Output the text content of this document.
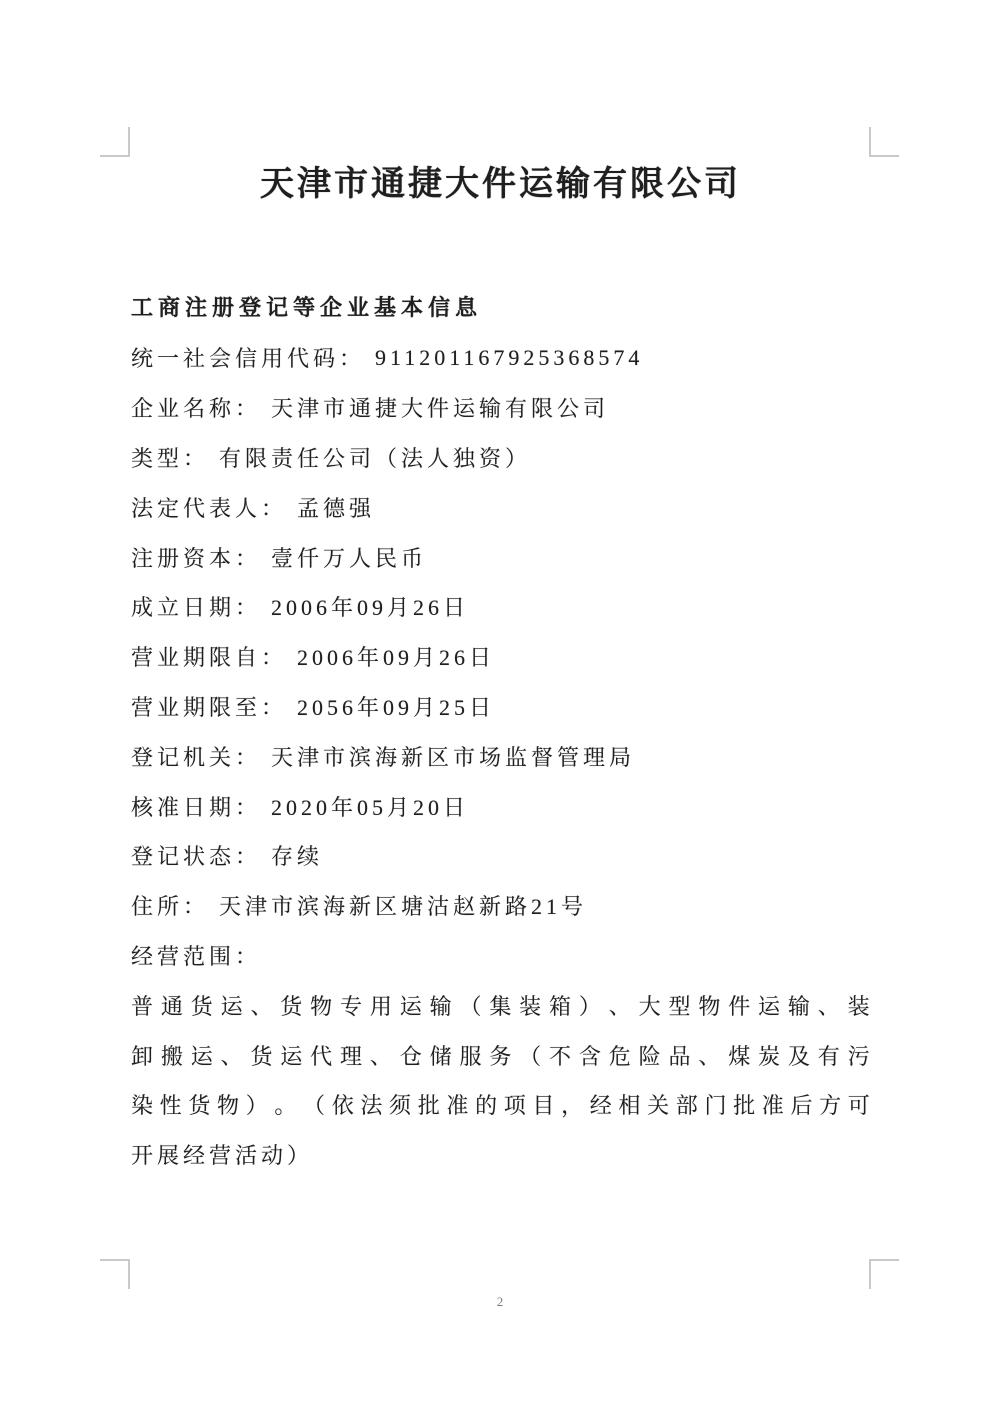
天津市通捷大件运输有限公司
工商注册登记等企业基本信息
统一社会信用代码： 911201167925368574
企业名称： 天津市通捷大件运输有限公司
类型： 有限责任公司（法人独资）
法定代表人： 孟德强
注册资本： 壹仟万人民币
成立日期： 2006年09月26日
营业期限自： 2006年09月26日
营业期限至： 2056年09月25日
登记机关： 天津市滨海新区市场监督管理局
核准日期： 2020年05月20日
登记状态： 存续
住所： 天津市滨海新区塘沽赵新路21号
经营范围：
普 通 货 运 、 货 物 专 用 运 输 （ 集 装 箱 ） 、 大 型 物 件 运 输 、 装
卸 搬 运 、 货 运 代 理 、 仓 储 服 务 （ 不 含 危 险 品 、 煤 炭 及 有 污
染 性 货 物 ） 。 （ 依 法 须 批 准 的 项 目 ， 经 相 关 部 门 批 准 后 方 可
开展经营活动）
2
